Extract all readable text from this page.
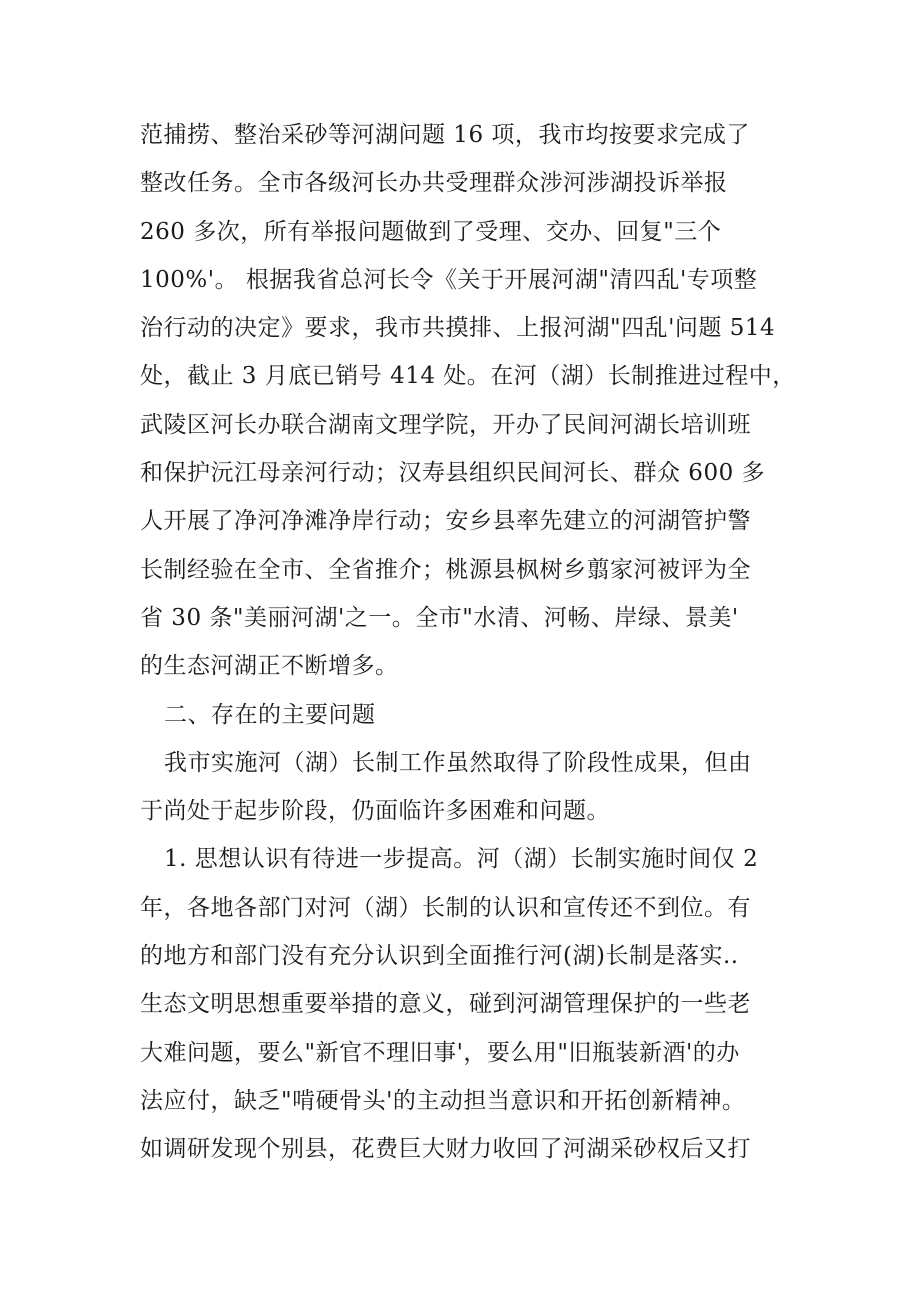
范捕捞、整治采砂等河湖问题 16 项，我市均按要求完成了
整改任务。全市各级河长办共受理群众涉河涉湖投诉举报
260 多次，所有举报问题做到了受理、交办、回复"三个
100%'。 根据我省总河长令《关于开展河湖"清四乱'专项整
治行动的决定》要求，我市共摸排、上报河湖"四乱'问题 514
处，截止 3 月底已销号 414 处。在河（湖）长制推进过程中，
武陵区河长办联合湖南文理学院，开办了民间河湖长培训班
和保护沅江母亲河行动；汉寿县组织民间河长、群众 600 多
人开展了净河净滩净岸行动；安乡县率先建立的河湖管护警
长制经验在全市、全省推介；桃源县枫树乡翦家河被评为全
省 30 条"美丽河湖'之一。全市"水清、河畅、岸绿、景美'
的生态河湖正不断增多。
二、存在的主要问题
我市实施河（湖）长制工作虽然取得了阶段性成果，但由
于尚处于起步阶段，仍面临许多困难和问题。
1. 思想认识有待进一步提高。河（湖）长制实施时间仅 2
年，各地各部门对河（湖）长制的认识和宣传还不到位。有
的地方和部门没有充分认识到全面推行河(湖)长制是落实..
生态文明思想重要举措的意义，碰到河湖管理保护的一些老
大难问题，要么"新官不理旧事'，要么用"旧瓶装新酒'的办
法应付，缺乏"啃硬骨头'的主动担当意识和开拓创新精神。
如调研发现个别县，花费巨大财力收回了河湖采砂权后又打
